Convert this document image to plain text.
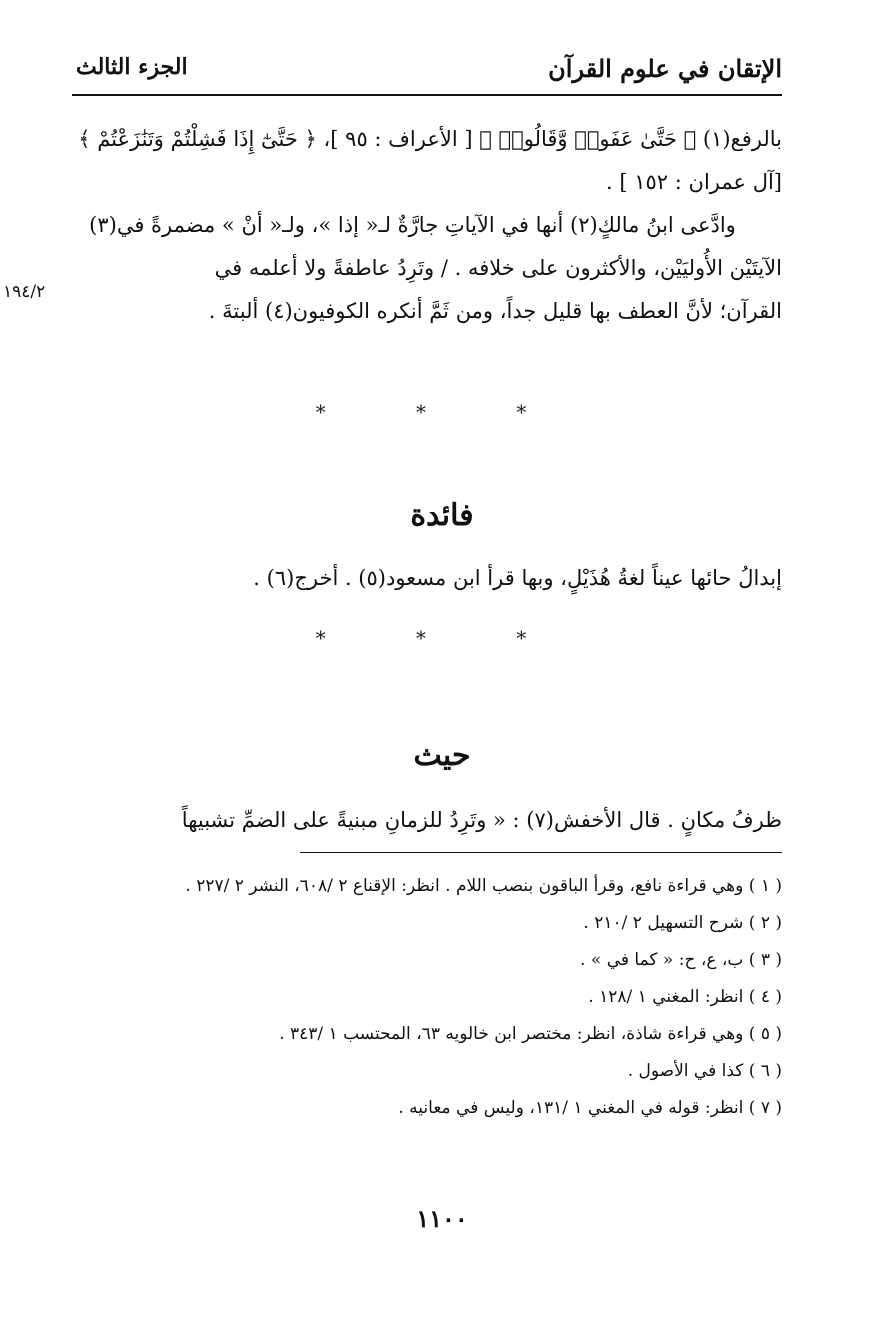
الإتقان في علوم القرآن
الجزء الثالث

بالرفع(١) ﴿ حَتَّىٰ عَفَوا۟ وَّقَالُوا۟ ﴾ [ الأعراف : ٩٥ ]، ﴿ حَتَّىٰٓ إِذَا فَشِلْتُمْ وَتَنَٰزَعْتُمْ ﴾

[آل عمران : ١٥٢ ] .

وادَّعى ابنُ مالكٍ(٢) أنها في الآياتِ جارَّةٌ لـ« إذا »، ولـ« أنْ » مضمرةً في(٣)

الآيتَيْن الأُوليَيْن، والأكثرون على خلافه . / وتَرِدُ عاطفةً ولا أعلمه في

القرآن؛ لأنَّ العطف بها قليل جداً، ومن ثَمَّ أنكره الكوفيون(٤) ألبتةَ .

١٩٤/٢
* * *
فائدة
إبدالُ حائها عيناً لغةُ هُذَيْلٍ، وبها قرأ ابن مسعود(٥) . أخرج(٦) .
* * *
حيث
ظرفُ مكانٍ . قال الأخفش(٧) : « وتَرِدُ للزمانِ مبنيةً على الضمِّ تشبيهاً
( ١ ) وهي قراءة نافع، وقرأ الباقون بنصب اللام . انظر: الإقناع ٢ /٦٠٨، النشر ٢ /٢٢٧ .
( ٢ ) شرح التسهيل ٢ /٢١٠ .
( ٣ ) ب، ع، ح: « كما في » .
( ٤ ) انظر: المغني ١ /١٢٨ .
( ٥ ) وهي قراءة شاذة، انظر: مختصر ابن خالويه ٦٣، المحتسب ١ /٣٤٣ .
( ٦ ) كذا في الأصول .
( ٧ ) انظر: قوله في المغني ١ /١٣١، وليس في معانيه .
١١٠٠
